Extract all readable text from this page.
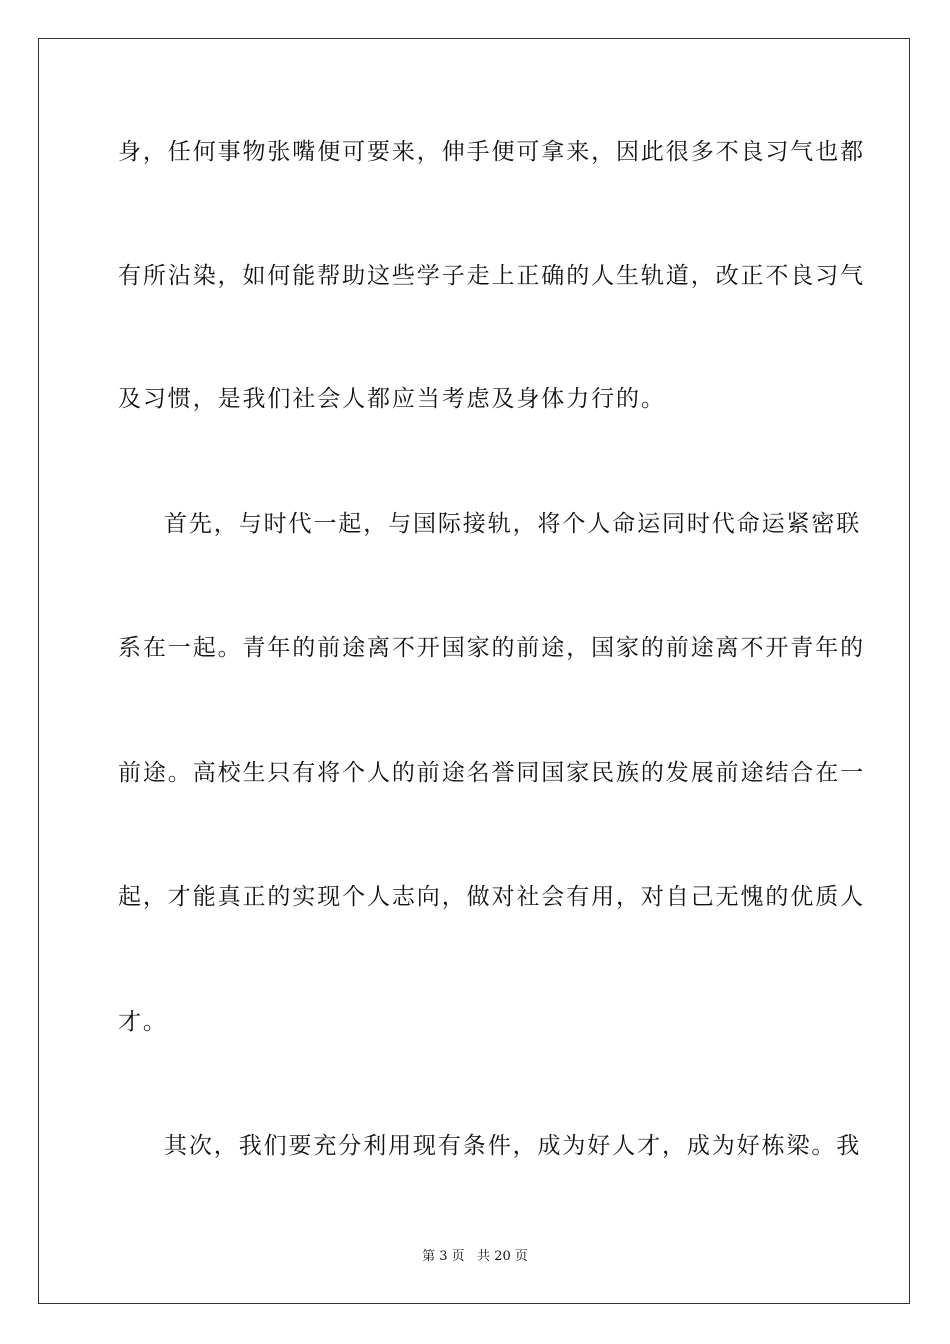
身，任何事物张嘴便可要来，伸手便可拿来，因此很多不良习气也都
有所沾染，如何能帮助这些学子走上正确的人生轨道，改正不良习气
及习惯，是我们社会人都应当考虑及身体力行的。
首先，与时代一起，与国际接轨，将个人命运同时代命运紧密联
系在一起。青年的前途离不开国家的前途，国家的前途离不开青年的
前途。高校生只有将个人的前途名誉同国家民族的发展前途结合在一
起，才能真正的实现个人志向，做对社会有用，对自己无愧的优质人
才。
其次，我们要充分利用现有条件，成为好人才，成为好栋梁。我
第 3 页   共 20 页
